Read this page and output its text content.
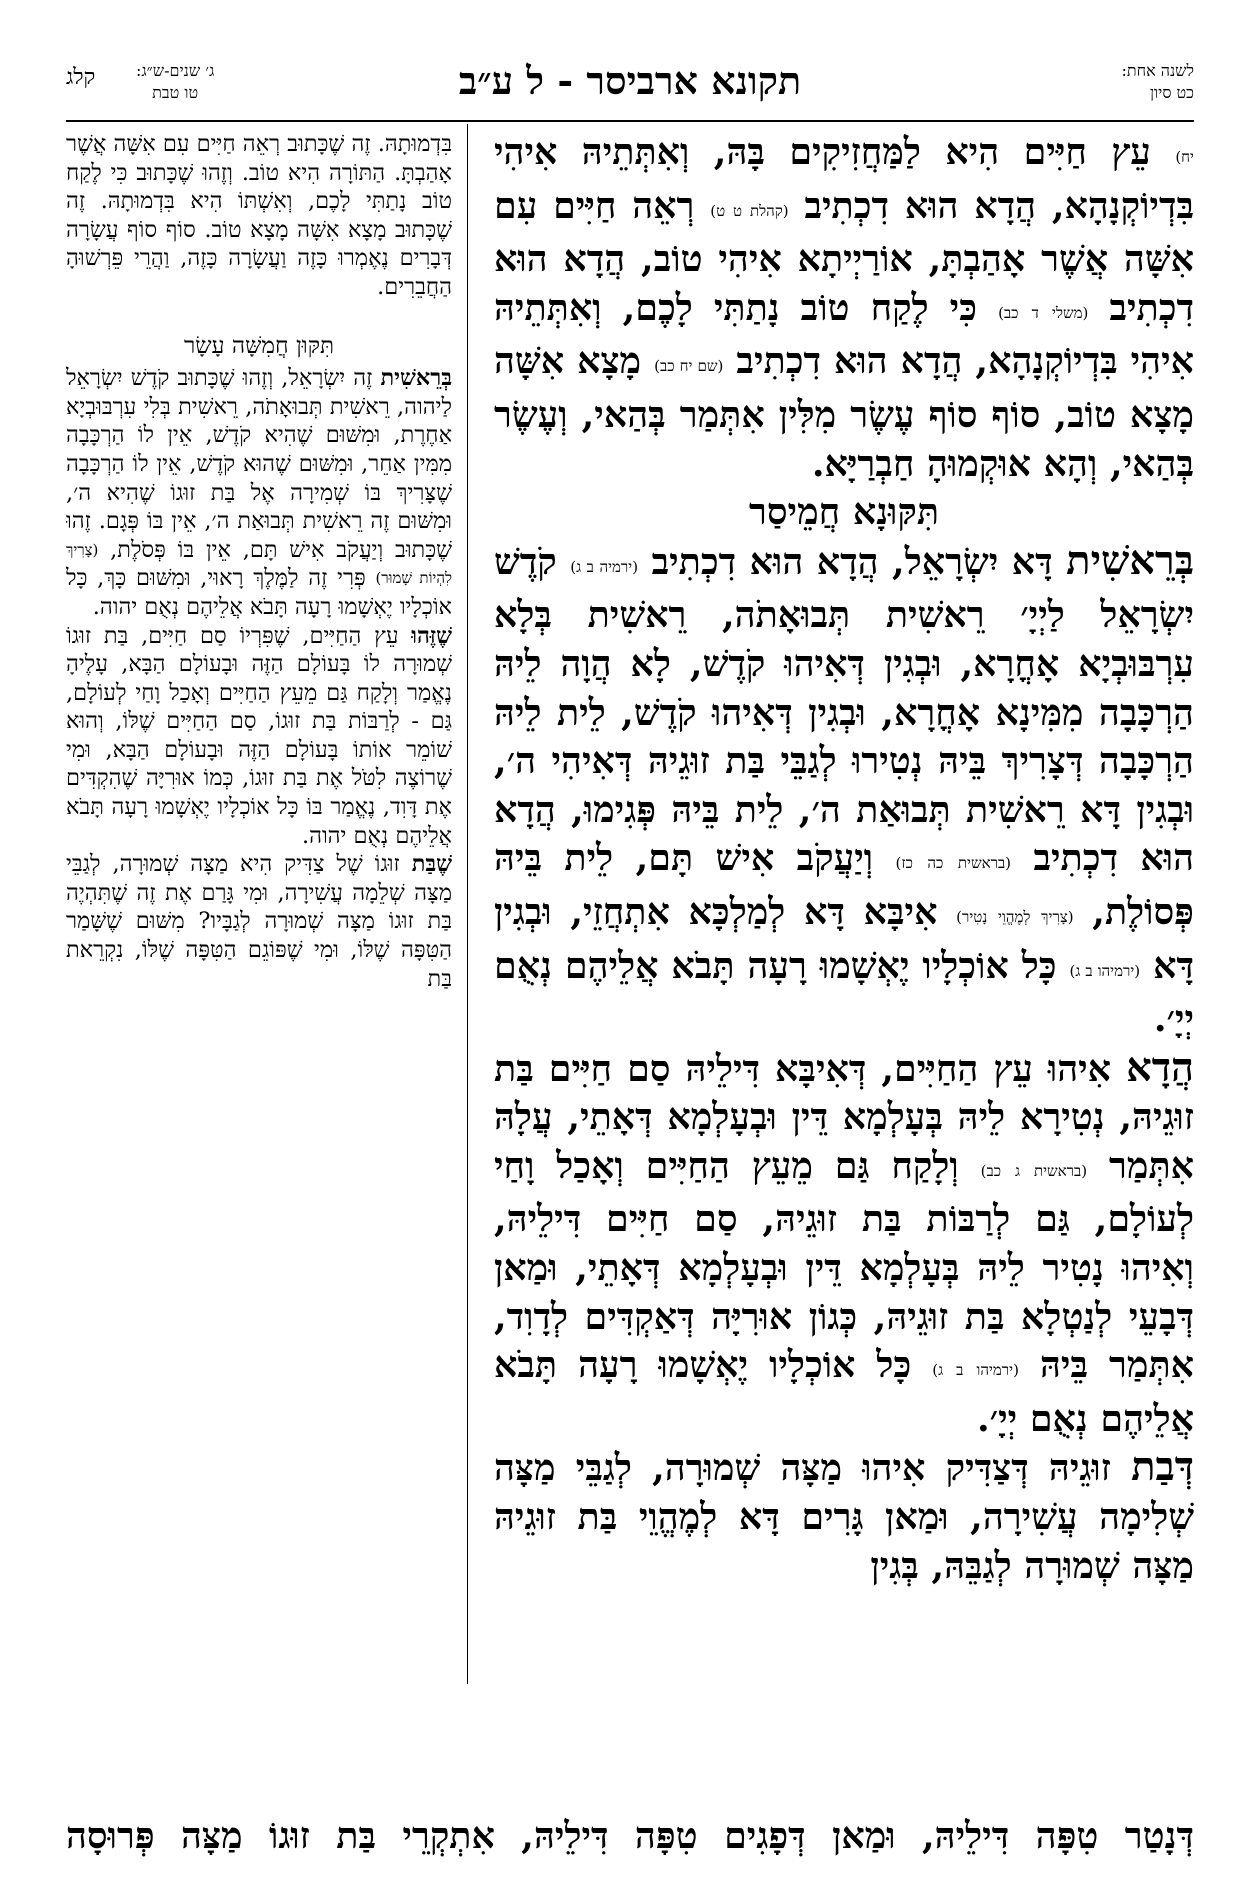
לשנה אחת:
כט סיון
תקונא ארביסר - ל ע״ב
ג׳ שנים-ש״ג:
טו טבת
קלג

יח) עֵץ חַיִּים הִיא לַמַּחֲזִיקִים בָּהּ, וְאִתְּתֵיהּ אִיהִי בִּדְיוֹקְנָהָא, הֲדָא הוּא דִכְתִיב (קהלת ט ט) רְאֵה חַיִּים עִם אִשָּׁה אֲשֶׁר אָהַבְתָּ, אוֹרַיְיתָא אִיהִי טוֹב, הֲדָא הוּא דִכְתִיב (משלי ד כב) כִּי לֶקַח טוֹב נָתַתִּי לָכֶם, וְאִתְּתֵיהּ אִיהִי בִּדְיוֹקְנָהָא, הֲדָא הוּא דִכְתִיב (שם יח כב) מָצָא אִשָּׁה מָצָא טוֹב, סוֹף סוֹף עֶשֶׂר מִלִּין אִתְּמַר בְּהַאי, וְעֶשֶׂר בְּהַאי, וְהָא אוּקְמוּהָ חַבְרַיָּא.

תִּקּוּנָא חֲמֵיסַר

בְּרֵאשִׁית דָּא יִשְׂרָאֵל, הֲדָא הוּא דִכְתִיב (ירמיה ב ג) קֹדֶשׁ יִשְׂרָאֵל לַיְיָ׳ רֵאשִׁית תְּבוּאָתֹה, רֵאשִׁית בְּלָא עִרְבּוּבְיָא אָחֳרָא, וּבְגִין דְּאִיהוּ קֹדֶשׁ, לָא הֲוָה לֵיהּ הַרְכָּבָה מִמִּינָא אָחֳרָא, וּבְגִין דְּאִיהוּ קֹדֶשׁ, לֵית לֵיהּ הַרְכָּבָה דְּצָרִיךְ בֵּיהּ נְטִירוּ לְגַבֵּי בַּת זוּגֵיהּ דְּאִיהִי ה׳, וּבְגִין דָּא רֵאשִׁית תְּבוּאַת ה׳, לֵית בֵּיהּ פְּגִימוּ, הֲדָא הוּא דִכְתִיב (בראשית כה כז) וְיַעֲקֹב אִישׁ תָּם, לֵית בֵּיהּ פְּסוֹלֶת, (צָרִיךְ לְמֶהֱוֵי נָטִיר) אִיבָּא דָּא לְמַלְכָּא אִתְחֲזֵי, וּבְגִין דָּא (ירמיהו ב ג) כָּל אוֹכְלָיו יֶאְשָׁמוּ רָעָה תָּבֹא אֲלֵיהֶם נְאֻם יְיָ׳.

הֲדָא אִיהוּ עֵץ הַחַיִּים, דְּאִיבָּא דִּילֵיהּ סַם חַיִּים בַּת זוּגֵיהּ, נְטִירָא לֵיהּ בְּעָלְמָא דֵּין וּבְעָלְמָא דְּאָתֵי, עֲלָהּ אִתְּמַר (בראשית ג כב) וְלָקַח גַּם מֵעֵץ הַחַיִּים וְאָכַל וָחַי לְעוֹלָם, גַּם לְרַבּוֹת בַּת זוּגֵיהּ, סַם חַיִּים דִּילֵיהּ, וְאִיהוּ נָטִיר לֵיהּ בְּעָלְמָא דֵּין וּבְעָלְמָא דְּאָתֵי, וּמַאן דְּבָעֵי לְנַטְלָא בַּת זוּגֵיהּ, כְּגוֹן אוּרִיָּה דְּאַקְדִּים לְדָוִד, אִתְּמַר בֵּיהּ (ירמיהו ב ג) כָּל אוֹכְלָיו יֶאְשָׁמוּ רָעָה תָּבֹא אֲלֵיהֶם נְאֻם יְיָ׳.

דְּבַת זוּגֵיהּ דְּצַדִּיק אִיהוּ מַצָּה שְׁמוּרָה, לְגַבֵּי מַצָּה שְׁלִימָה עֲשִׁירָה, וּמַאן גָּרִים דָּא לְמֶהֱוֵי בַּת זוּגֵיהּ מַצָּה שְׁמוּרָה לְגַבֵּהּ, בְּגִין

בִּדְמוּתָהּ. זֶה שֶׁכָּתוּב רְאֵה חַיִּים עִם אִשָּׁה אֲשֶׁר אָהַבְתָּ. הַתּוֹרָה הִיא טוֹב. וְזֶהוּ שֶׁכָּתוּב כִּי לֶקַח טוֹב נָתַתִּי לָכֶם, וְאִשְׁתּוֹ הִיא בִּדְמוּתָהּ. זֶה שֶׁכָּתוּב מָצָא אִשָּׁה מָצָא טוֹב. סוֹף סוֹף עֲשָׂרָה דְּבָרִים נֶאֶמְרוּ כָּזֶה וַעֲשָׂרָה כָּזֶה, וַהֲרֵי פֵּרְשׁוּהָ הַחֲבֵרִים.

תִּקּוּן חֲמִשָּׁה עָשָׂר

בְּרֵאשִׁית זֶה יִשְׂרָאֵל, וְזֶהוּ שֶׁכָּתוּב קֹדֶשׁ יִשְׂרָאֵל לַיהוה, רֵאשִׁית תְּבוּאָתֹה, רֵאשִׁית בְּלִי עִרְבּוּבְיָא אַחֶרֶת, וּמִשּׁוּם שֶׁהִיא קֹדֶשׁ, אֵין לוֹ הַרְכָּבָה מִמִּין אַחֵר, וּמִשּׁוּם שֶׁהוּא קֹדֶשׁ, אֵין לוֹ הַרְכָּבָה שֶׁצָּרִיךְ בּוֹ שְׁמִירָה אֶל בַּת זוּגוֹ שֶׁהִיא ה׳, וּמִשּׁוּם זֶה רֵאשִׁית תְּבוּאַת ה׳, אֵין בּוֹ פְּגָם. זֶהוּ שֶׁכָּתוּב וְיַעֲקֹב אִישׁ תָּם, אֵין בּוֹ פְּסֹלֶת, (צָרִיךְ לִהְיוֹת שָׁמוּר) פְּרִי זֶה לַמֶּלֶךְ רָאוּי, וּמִשּׁוּם כָּךְ, כָּל אוֹכְלָיו יֶאְשָׁמוּ רָעָה תָּבֹא אֲלֵיהֶם נְאֻם יהוה.

שֶׁזֶּהוּ עֵץ הַחַיִּים, שֶׁפִּרְיוֹ סַם חַיִּים, בַּת זוּגוֹ שְׁמוּרָה לוֹ בָּעוֹלָם הַזֶּה וּבָעוֹלָם הַבָּא, עָלֶיהָ נֶאֱמַר וְלָקַח גַּם מֵעֵץ הַחַיִּים וְאָכַל וָחַי לְעוֹלָם, גַּם - לְרַבּוֹת בַּת זוּגוֹ, סַם הַחַיִּים שֶׁלּוֹ, וְהוּא שׁוֹמֵר אוֹתוֹ בָּעוֹלָם הַזֶּה וּבָעוֹלָם הַבָּא, וּמִי שֶׁרוֹצֶה לִטֹּל אֶת בַּת זוּגוֹ, כְּמוֹ אוּרִיָּה שֶׁהִקְדִּים אֶת דָּוִד, נֶאֱמַר בּוֹ כָּל אוֹכְלָיו יֶאְשָׁמוּ רָעָה תָּבֹא אֲלֵיהֶם נְאֻם יהוה.

שֶׁבַּת זוּגוֹ שֶׁל צַדִּיק הִיא מַצָּה שְׁמוּרָה, לְגַבֵּי מַצָּה שְׁלֵמָה עֲשִׁירָה, וּמִי גָּרַם אֶת זֶה שֶׁתִּהְיֶה בַּת זוּגוֹ מַצָּה שְׁמוּרָה לְגַבָּיו? מִשּׁוּם שֶׁשָּׁמַר הַטִּפָּה שֶׁלּוֹ, וּמִי שֶׁפּוֹגֵם הַטִּפָּה שֶׁלּוֹ, נִקְרֵאת בַּת

דְּנָטַר טִפָּה דִּילֵיהּ, וּמַאן דְּפָגִים טִפָּה דִּילֵיהּ, אִתְקְרֵי בַּת זוּגוֹ מַצָּה פְּרוּסָה
